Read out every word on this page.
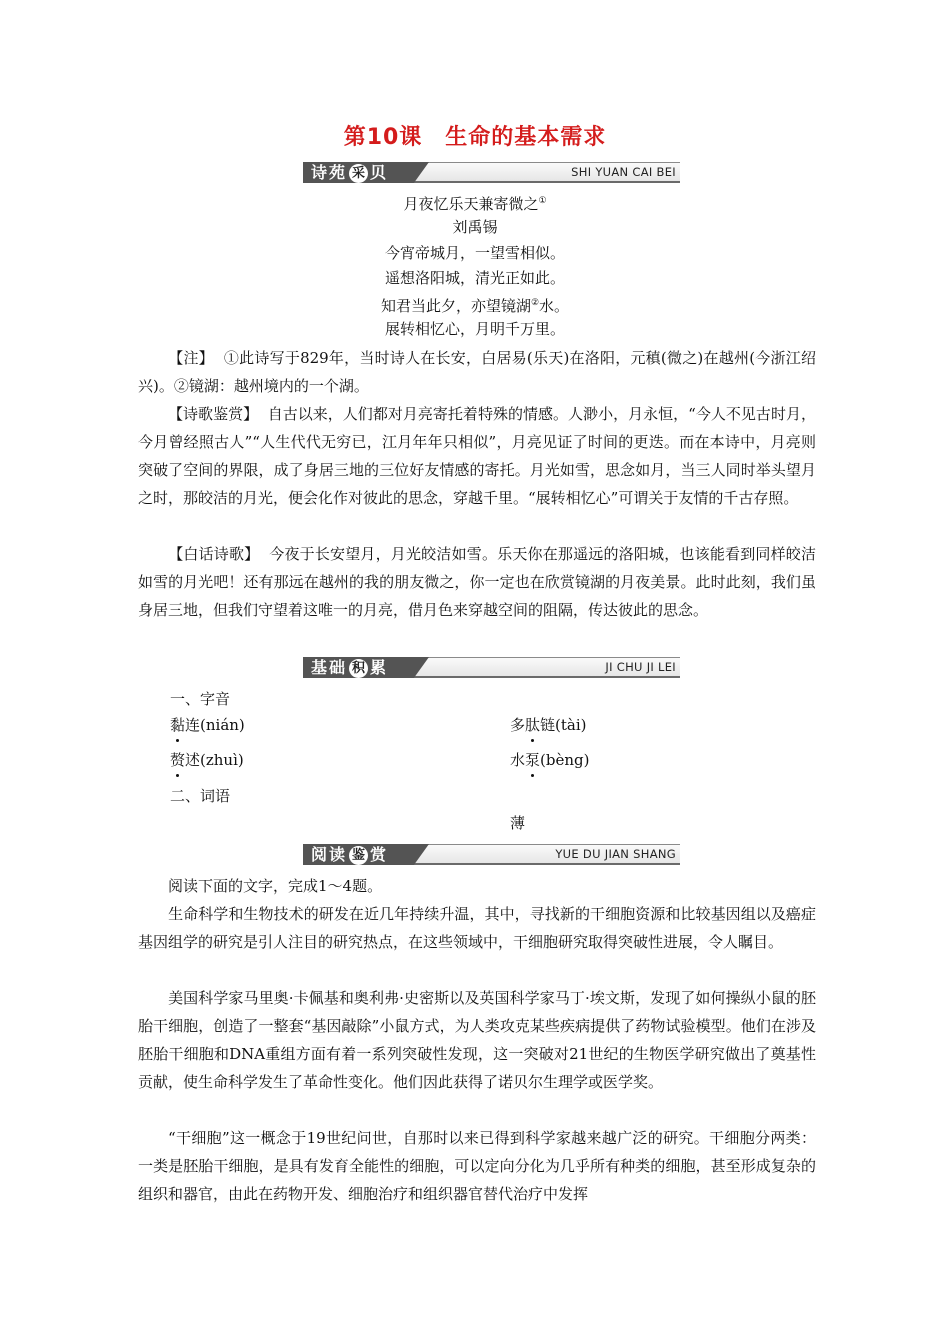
第10课　生命的基本需求
诗苑 采 贝	SHI YUAN CAI BEI
月夜忆乐天兼寄微之①
刘禹锡
今宵帝城月，一望雪相似。
遥想洛阳城，清光正如此。
知君当此夕，亦望镜湖②水。
展转相忆心，月明千万里。

【注】 ①此诗写于829年，当时诗人在长安，白居易(乐天)在洛阳，元稹(微之)在越州(今浙江绍兴)。②镜湖：越州境内的一个湖。

【诗歌鉴赏】 自古以来，人们都对月亮寄托着特殊的情感。人渺小，月永恒，“今人不见古时月，今月曾经照古人”“人生代代无穷已，江月年年只相似”，月亮见证了时间的更迭。而在本诗中，月亮则突破了空间的界限，成了身居三地的三位好友情感的寄托。月光如雪，思念如月，当三人同时举头望月之时，那皎洁的月光，便会化作对彼此的思念，穿越千里。“展转相忆心”可谓关于友情的千古存照。

【白话诗歌】 今夜于长安望月，月光皎洁如雪。乐天你在那遥远的洛阳城，也该能看到同样皎洁如雪的月光吧！还有那远在越州的我的朋友微之，你一定也在欣赏镜湖的月夜美景。此时此刻，我们虽身居三地，但我们守望着这唯一的月亮，借月色来穿越空间的阻隔，传达彼此的思念。

基础 积 累	JI CHU JI LEI
一、字音
黏连(nián)	多肽链(tài)
赘述(zhuì)	水泵(bèng)
二、词语
薄
阅读 鉴 赏	YUE DU JIAN SHANG

阅读下面的文字，完成1～4题。

生命科学和生物技术的研发在近几年持续升温，其中，寻找新的干细胞资源和比较基因组以及癌症基因组学的研究是引人注目的研究热点，在这些领域中，干细胞研究取得突破性进展，令人瞩目。

美国科学家马里奥·卡佩基和奥利弗·史密斯以及英国科学家马丁·埃文斯，发现了如何操纵小鼠的胚胎干细胞，创造了一整套“基因敲除”小鼠方式，为人类攻克某些疾病提供了药物试验模型。他们在涉及胚胎干细胞和DNA重组方面有着一系列突破性发现，这一突破对21世纪的生物医学研究做出了奠基性贡献，使生命科学发生了革命性变化。他们因此获得了诺贝尔生理学或医学奖。

“干细胞”这一概念于19世纪问世，自那时以来已得到科学家越来越广泛的研究。干细胞分两类：一类是胚胎干细胞，是具有发育全能性的细胞，可以定向分化为几乎所有种类的细胞，甚至形成复杂的组织和器官，由此在药物开发、细胞治疗和组织器官替代治疗中发挥
